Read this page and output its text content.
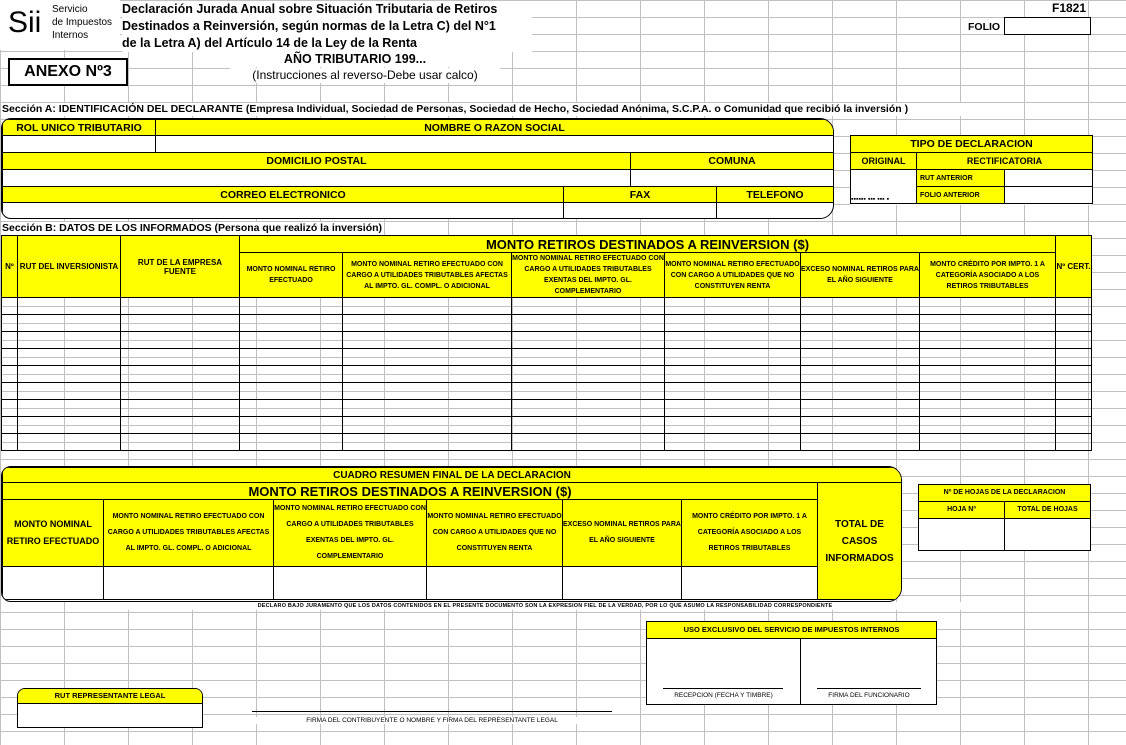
Sii Servicio
de Impuestos
Internos
Declaración Jurada Anual sobre Situación Tributaria de Retiros
Destinados a Reinversión, según normas de la Letra C) del N°1
de la Letra A) del Artículo 14 de la Ley de la Renta
AÑO TRIBUTARIO 199...
(Instrucciones al reverso-Debe usar calco)
ANEXO Nº3
F1821
FOLIO
Sección A: IDENTIFICACIÓN DEL DECLARANTE (Empresa Individual, Sociedad de Personas, Sociedad de Hecho, Sociedad Anónima, S.C.P.A. o Comunidad que recibió la inversión )
ROL UNICO TRIBUTARIO	NOMBRE O RAZON SOCIAL			

DOMICILIO POSTAL			COMUNA	

CORREO ELECTRONICO		FAX		TELEFONO

TIPO DE DECLARACION		
ORIGINAL	RECTIFICATORIA	
	RUT ANTERIOR	
▪▪▪▪▪▪ ▪▪▪ ▪▪▪ ▪	FOLIO ANTERIOR	
Sección B: DATOS DE LOS INFORMADOS (Persona que realizó la inversión)
Nº	RUT DEL INVERSIONISTA	RUT DE LA EMPRESA FUENTE	MONTO RETIROS DESTINADOS A REINVERSION ($)						Nº CERT.	
			MONTO NOMINAL RETIRO EFECTUADO	MONTO NOMINAL RETIRO EFECTUADO CON CARGO A UTILIDADES TRIBUTABLES AFECTAS AL IMPTO. GL. COMPL. O ADICIONAL	MONTO NOMINAL RETIRO EFECTUADO CON CARGO A UTILIDADES TRIBUTABLES EXENTAS DEL IMPTO. GL. COMPLEMENTARIO	MONTO NOMINAL RETIRO EFECTUADO CON CARGO A UTILIDADES QUE NO CONSTITUYEN RENTA	EXCESO NOMINAL RETIROS PARA EL AÑO SIGUIENTE	MONTO CRÉDITO POR IMPTO. 1 A CATEGORÍA ASOCIADO A LOS RETIROS TRIBUTABLES		

CUADRO RESUMEN FINAL DE LA DECLARACION							
MONTO RETIROS DESTINADOS A REINVERSION ($)						TOTAL DE CASOS INFORMADOS	
MONTO NOMINAL RETIRO EFECTUADO	MONTO NOMINAL RETIRO EFECTUADO CON CARGO A UTILIDADES TRIBUTABLES AFECTAS AL IMPTO. GL. COMPL. O ADICIONAL	MONTO NOMINAL RETIRO EFECTUADO CON CARGO A UTILIDADES TRIBUTABLES EXENTAS DEL IMPTO. GL. COMPLEMENTARIO	MONTO NOMINAL RETIRO EFECTUADO CON CARGO A UTILIDADES QUE NO CONSTITUYEN RENTA	EXCESO NOMINAL RETIROS PARA EL AÑO SIGUIENTE	MONTO CRÉDITO POR IMPTO. 1 A CATEGORÍA ASOCIADO A LOS RETIROS TRIBUTABLES		

Nº DE HOJAS DE LA DECLARACION	
HOJA Nº	TOTAL DE HOJAS

DECLARO BAJO JURAMENTO QUE LOS DATOS CONTENIDOS EN EL PRESENTE DOCUMENTO SON LA EXPRESION FIEL DE LA VERDAD, POR LO QUE ASUMO LA RESPONSABILIDAD CORRESPONDIENTE
USO EXCLUSIVO DEL SERVICIO DE IMPUESTOS INTERNOS
RECEPCION (FECHA Y TIMBRE)	FIRMA DEL FUNCIONARIO
RUT REPRESENTANTE LEGAL
FIRMA DEL CONTRIBUYENTE O NOMBRE Y FIRMA DEL REPRESENTANTE LEGAL
